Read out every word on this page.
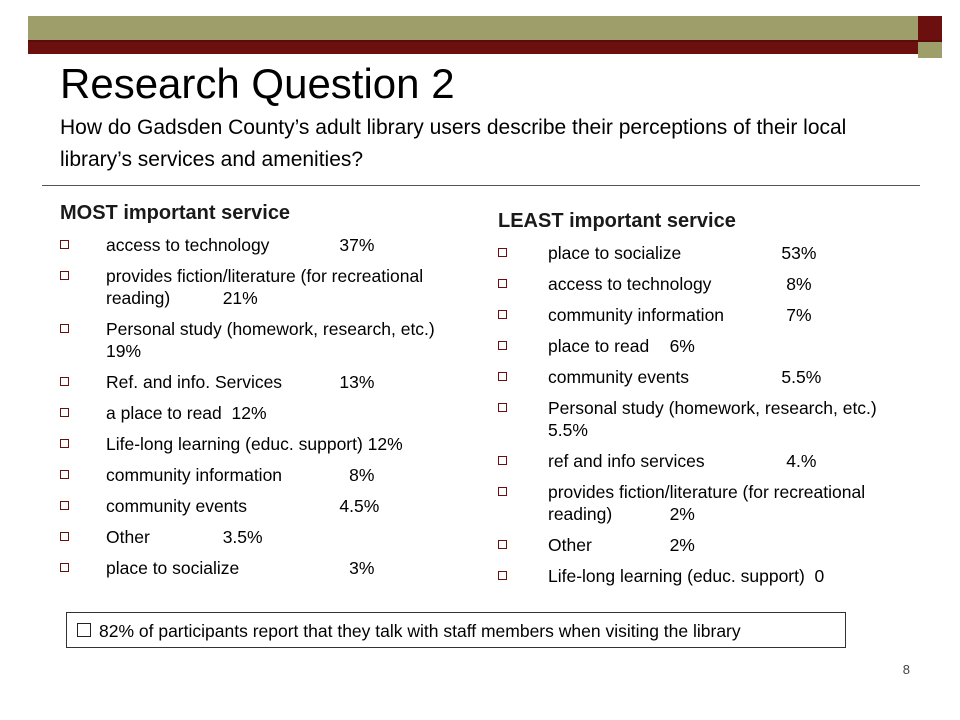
Research Question 2

How do Gadsden County’s adult library users describe their perceptions of their local library’s services and amenities?

MOST important service
access to technology	37%
provides fiction/literature (for recreational reading)	21%
Personal study (homework, research, etc.)	19%
Ref. and info. Services	13%
a place to read  12%
Life-long learning (educ. support) 12%
community information	8%
community events	4.5%
Other	3.5%
place to socialize	3%
LEAST important service
place to socialize	53%
access to technology	8%
community information	7%
place to read	6%
community events	5.5%
Personal study (homework, research, etc.)	5.5%
ref and info services	4.%
provides fiction/literature (for recreational reading)	2%
Other	2%
Life-long learning (educ. support)  0
82% of participants report that they talk with staff members when visiting the library
8
